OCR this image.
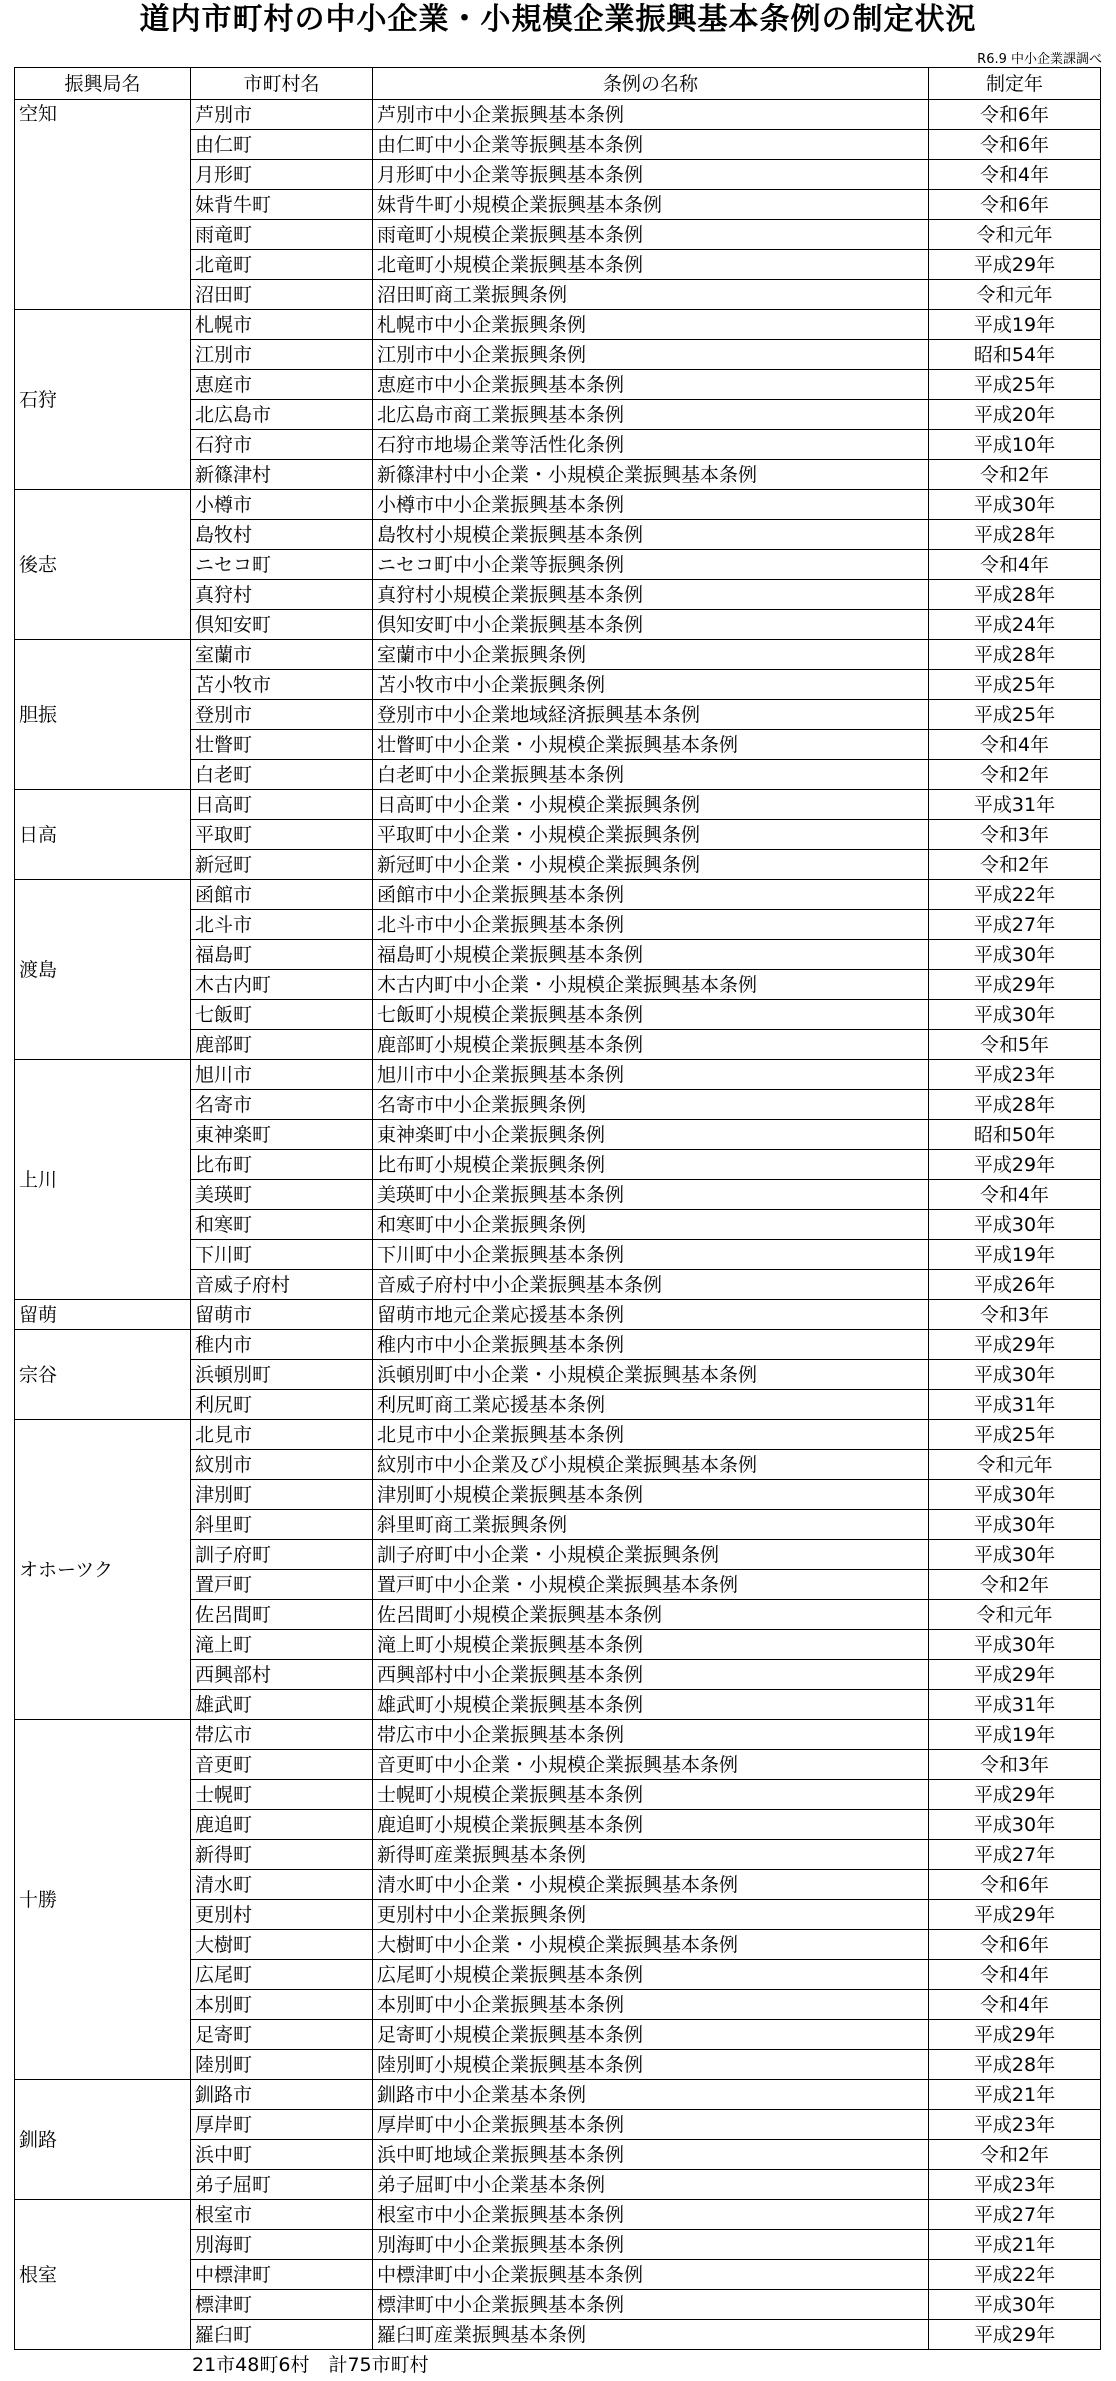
道内市町村の中小企業・小規模企業振興基本条例の制定状況
R6.9 中小企業課調べ
振興局名	市町村名	条例の名称	制定年
空知	芦別市	芦別市中小企業振興基本条例	令和6年
	由仁町	由仁町中小企業等振興基本条例	令和6年
	月形町	月形町中小企業等振興基本条例	令和4年
	妹背牛町	妹背牛町小規模企業振興基本条例	令和6年
	雨竜町	雨竜町小規模企業振興基本条例	令和元年
	北竜町	北竜町小規模企業振興基本条例	平成29年
	沼田町	沼田町商工業振興条例	令和元年
石狩	札幌市	札幌市中小企業振興条例	平成19年
	江別市	江別市中小企業振興条例	昭和54年
	恵庭市	恵庭市中小企業振興基本条例	平成25年
	北広島市	北広島市商工業振興基本条例	平成20年
	石狩市	石狩市地場企業等活性化条例	平成10年
	新篠津村	新篠津村中小企業・小規模企業振興基本条例	令和2年
後志	小樽市	小樽市中小企業振興基本条例	平成30年
	島牧村	島牧村小規模企業振興基本条例	平成28年
	ニセコ町	ニセコ町中小企業等振興条例	令和4年
	真狩村	真狩村小規模企業振興基本条例	平成28年
	倶知安町	倶知安町中小企業振興基本条例	平成24年
胆振	室蘭市	室蘭市中小企業振興条例	平成28年
	苫小牧市	苫小牧市中小企業振興条例	平成25年
	登別市	登別市中小企業地域経済振興基本条例	平成25年
	壮瞥町	壮瞥町中小企業・小規模企業振興基本条例	令和4年
	白老町	白老町中小企業振興基本条例	令和2年
日高	日高町	日高町中小企業・小規模企業振興条例	平成31年
	平取町	平取町中小企業・小規模企業振興条例	令和3年
	新冠町	新冠町中小企業・小規模企業振興条例	令和2年
渡島	函館市	函館市中小企業振興基本条例	平成22年
	北斗市	北斗市中小企業振興基本条例	平成27年
	福島町	福島町小規模企業振興基本条例	平成30年
	木古内町	木古内町中小企業・小規模企業振興基本条例	平成29年
	七飯町	七飯町小規模企業振興基本条例	平成30年
	鹿部町	鹿部町小規模企業振興基本条例	令和5年
上川	旭川市	旭川市中小企業振興基本条例	平成23年
	名寄市	名寄市中小企業振興条例	平成28年
	東神楽町	東神楽町中小企業振興条例	昭和50年
	比布町	比布町小規模企業振興条例	平成29年
	美瑛町	美瑛町中小企業振興基本条例	令和4年
	和寒町	和寒町中小企業振興条例	平成30年
	下川町	下川町中小企業振興基本条例	平成19年
	音威子府村	音威子府村中小企業振興基本条例	平成26年
留萌	留萌市	留萌市地元企業応援基本条例	令和3年
宗谷	稚内市	稚内市中小企業振興基本条例	平成29年
	浜頓別町	浜頓別町中小企業・小規模企業振興基本条例	平成30年
	利尻町	利尻町商工業応援基本条例	平成31年
オホーツク	北見市	北見市中小企業振興基本条例	平成25年
	紋別市	紋別市中小企業及び小規模企業振興基本条例	令和元年
	津別町	津別町小規模企業振興基本条例	平成30年
	斜里町	斜里町商工業振興条例	平成30年
	訓子府町	訓子府町中小企業・小規模企業振興条例	平成30年
	置戸町	置戸町中小企業・小規模企業振興基本条例	令和2年
	佐呂間町	佐呂間町小規模企業振興基本条例	令和元年
	滝上町	滝上町小規模企業振興基本条例	平成30年
	西興部村	西興部村中小企業振興基本条例	平成29年
	雄武町	雄武町小規模企業振興基本条例	平成31年
十勝	帯広市	帯広市中小企業振興基本条例	平成19年
	音更町	音更町中小企業・小規模企業振興基本条例	令和3年
	士幌町	士幌町小規模企業振興基本条例	平成29年
	鹿追町	鹿追町小規模企業振興基本条例	平成30年
	新得町	新得町産業振興基本条例	平成27年
	清水町	清水町中小企業・小規模企業振興基本条例	令和6年
	更別村	更別村中小企業振興条例	平成29年
	大樹町	大樹町中小企業・小規模企業振興基本条例	令和6年
	広尾町	広尾町小規模企業振興基本条例	令和4年
	本別町	本別町中小企業振興基本条例	令和4年
	足寄町	足寄町小規模企業振興基本条例	平成29年
	陸別町	陸別町小規模企業振興基本条例	平成28年
釧路	釧路市	釧路市中小企業基本条例	平成21年
	厚岸町	厚岸町中小企業振興基本条例	平成23年
	浜中町	浜中町地域企業振興基本条例	令和2年
	弟子屈町	弟子屈町中小企業基本条例	平成23年
根室	根室市	根室市中小企業振興基本条例	平成27年
	別海町	別海町中小企業振興基本条例	平成21年
	中標津町	中標津町中小企業振興基本条例	平成22年
	標津町	標津町中小企業振興基本条例	平成30年
	羅臼町	羅臼町産業振興基本条例	平成29年
21市48町6村　計75市町村
